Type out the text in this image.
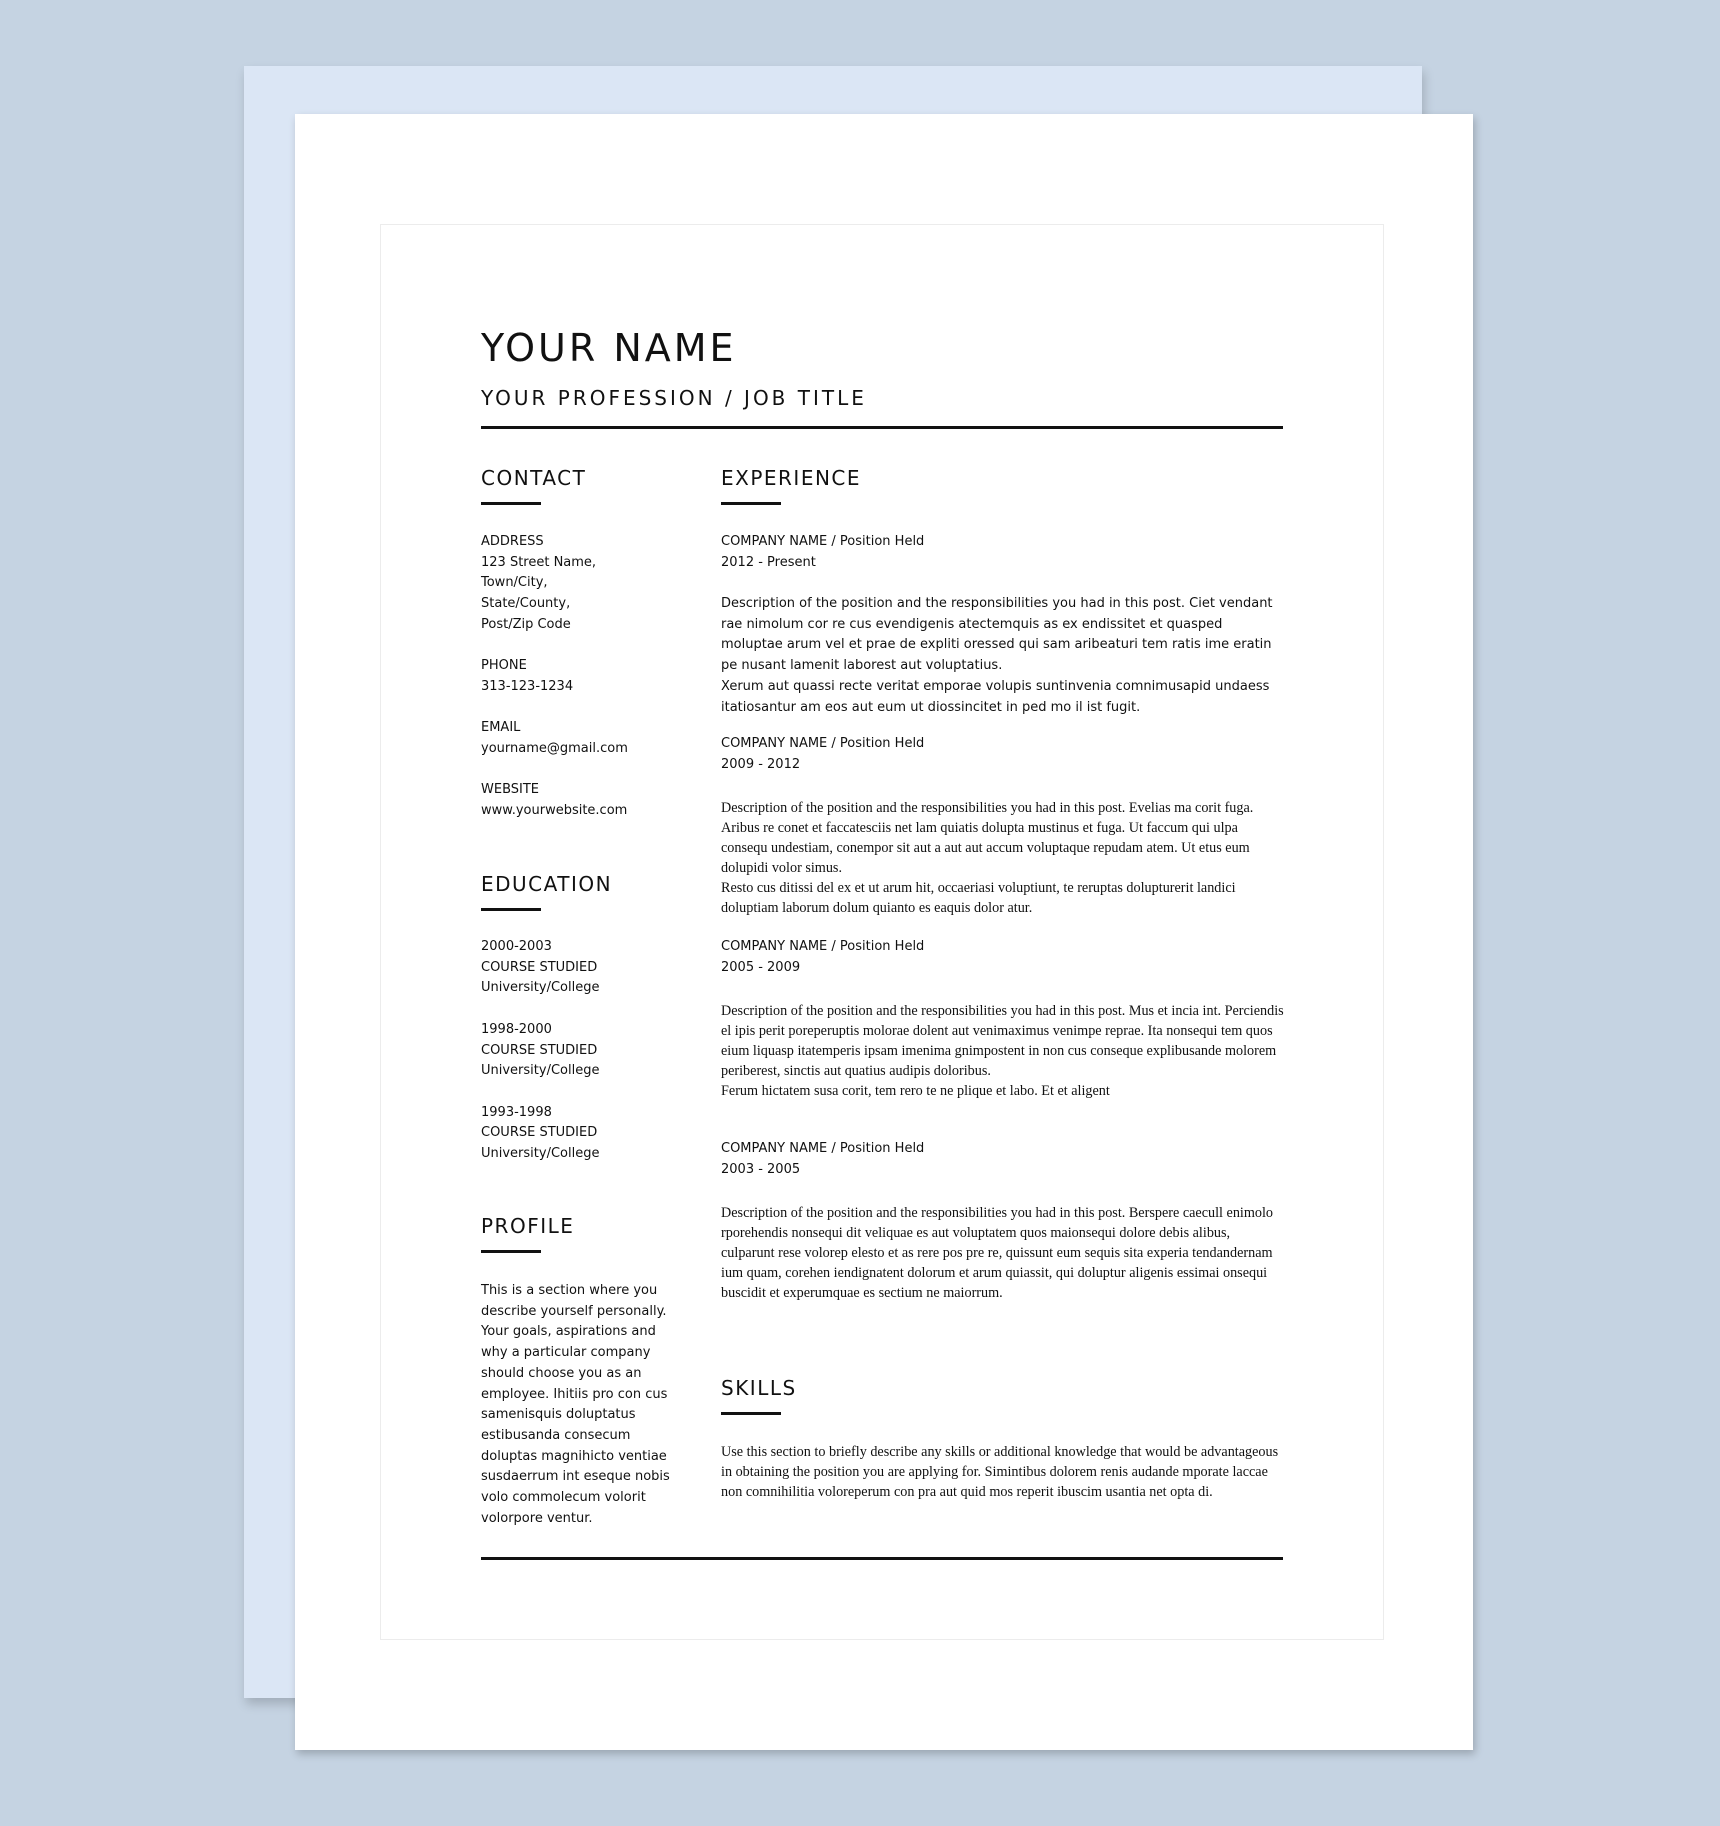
YOUR NAME
YOUR PROFESSION / JOB TITLE
CONTACT
ADDRESS
123 Street Name,
Town/City,
State/County,
Post/Zip Code
PHONE
313-123-1234
EMAIL
yourname@gmail.com
WEBSITE
www.yourwebsite.com
EDUCATION
2000-2003
COURSE STUDIED
University/College
1998-2000
COURSE STUDIED
University/College
1993-1998
COURSE STUDIED
University/College
PROFILE

This is a section where you describe yourself personally. Your goals, aspirations and why a particular company should choose you as an employee. Ihitiis pro con cus samenisquis doluptatus estibusanda consecum doluptas magnihicto ventiae susdaerrum int eseque nobis volo commolecum volorit volorpore ventur.

EXPERIENCE
COMPANY NAME / Position Held
2012 - Present

Description of the position and the responsibilities you had in this post. Ciet vendant rae nimolum cor re cus evendigenis atectemquis as ex endissitet et quasped moluptae arum vel et prae de expliti oressed qui sam aribeaturi tem ratis ime eratin pe nusant lamenit laborest aut voluptatius.

Xerum aut quassi recte veritat emporae volupis suntinvenia comnimusapid undaess itatiosantur am eos aut eum ut diossincitet in ped mo il ist fugit.

COMPANY NAME / Position Held
2009 - 2012

Description of the position and the responsibilities you had in this post. Evelias ma corit fuga. Aribus re conet et faccatesciis net lam quiatis dolupta mustinus et fuga. Ut faccum qui ulpa consequ undestiam, conempor sit aut a aut aut accum voluptaque repudam atem. Ut etus eum dolupidi volor simus.

Resto cus ditissi del ex et ut arum hit, occaeriasi voluptiunt, te reruptas dolupturerit landici doluptiam laborum dolum quianto es eaquis dolor atur.

COMPANY NAME / Position Held
2005 - 2009

Description of the position and the responsibilities you had in this post. Mus et incia int. Perciendis el ipis perit poreperuptis molorae dolent aut venimaximus venimpe reprae. Ita nonsequi tem quos eium liquasp itatemperis ipsam imenima gnimpostent in non cus conseque explibusande molorem periberest, sinctis aut quatius audipis doloribus.

Ferum hictatem susa corit, tem rero te ne plique et labo. Et et aligent

COMPANY NAME / Position Held
2003 - 2005

Description of the position and the responsibilities you had in this post. Berspere caecull enimolo rporehendis nonsequi dit veliquae es aut voluptatem quos maionsequi dolore debis alibus, culparunt rese volorep elesto et as rere pos pre re, quissunt eum sequis sita experia tendandernam ium quam, corehen iendignatent dolorum et arum quiassit, qui doluptur aligenis essimai onsequi buscidit et experumquae es sectium ne maiorrum.

SKILLS

Use this section to briefly describe any skills or additional knowledge that would be advantageous in obtaining the position you are applying for. Simintibus dolorem renis audande mporate laccae non comnihilitia voloreperum con pra aut quid mos reperit ibuscim usantia net opta di.
